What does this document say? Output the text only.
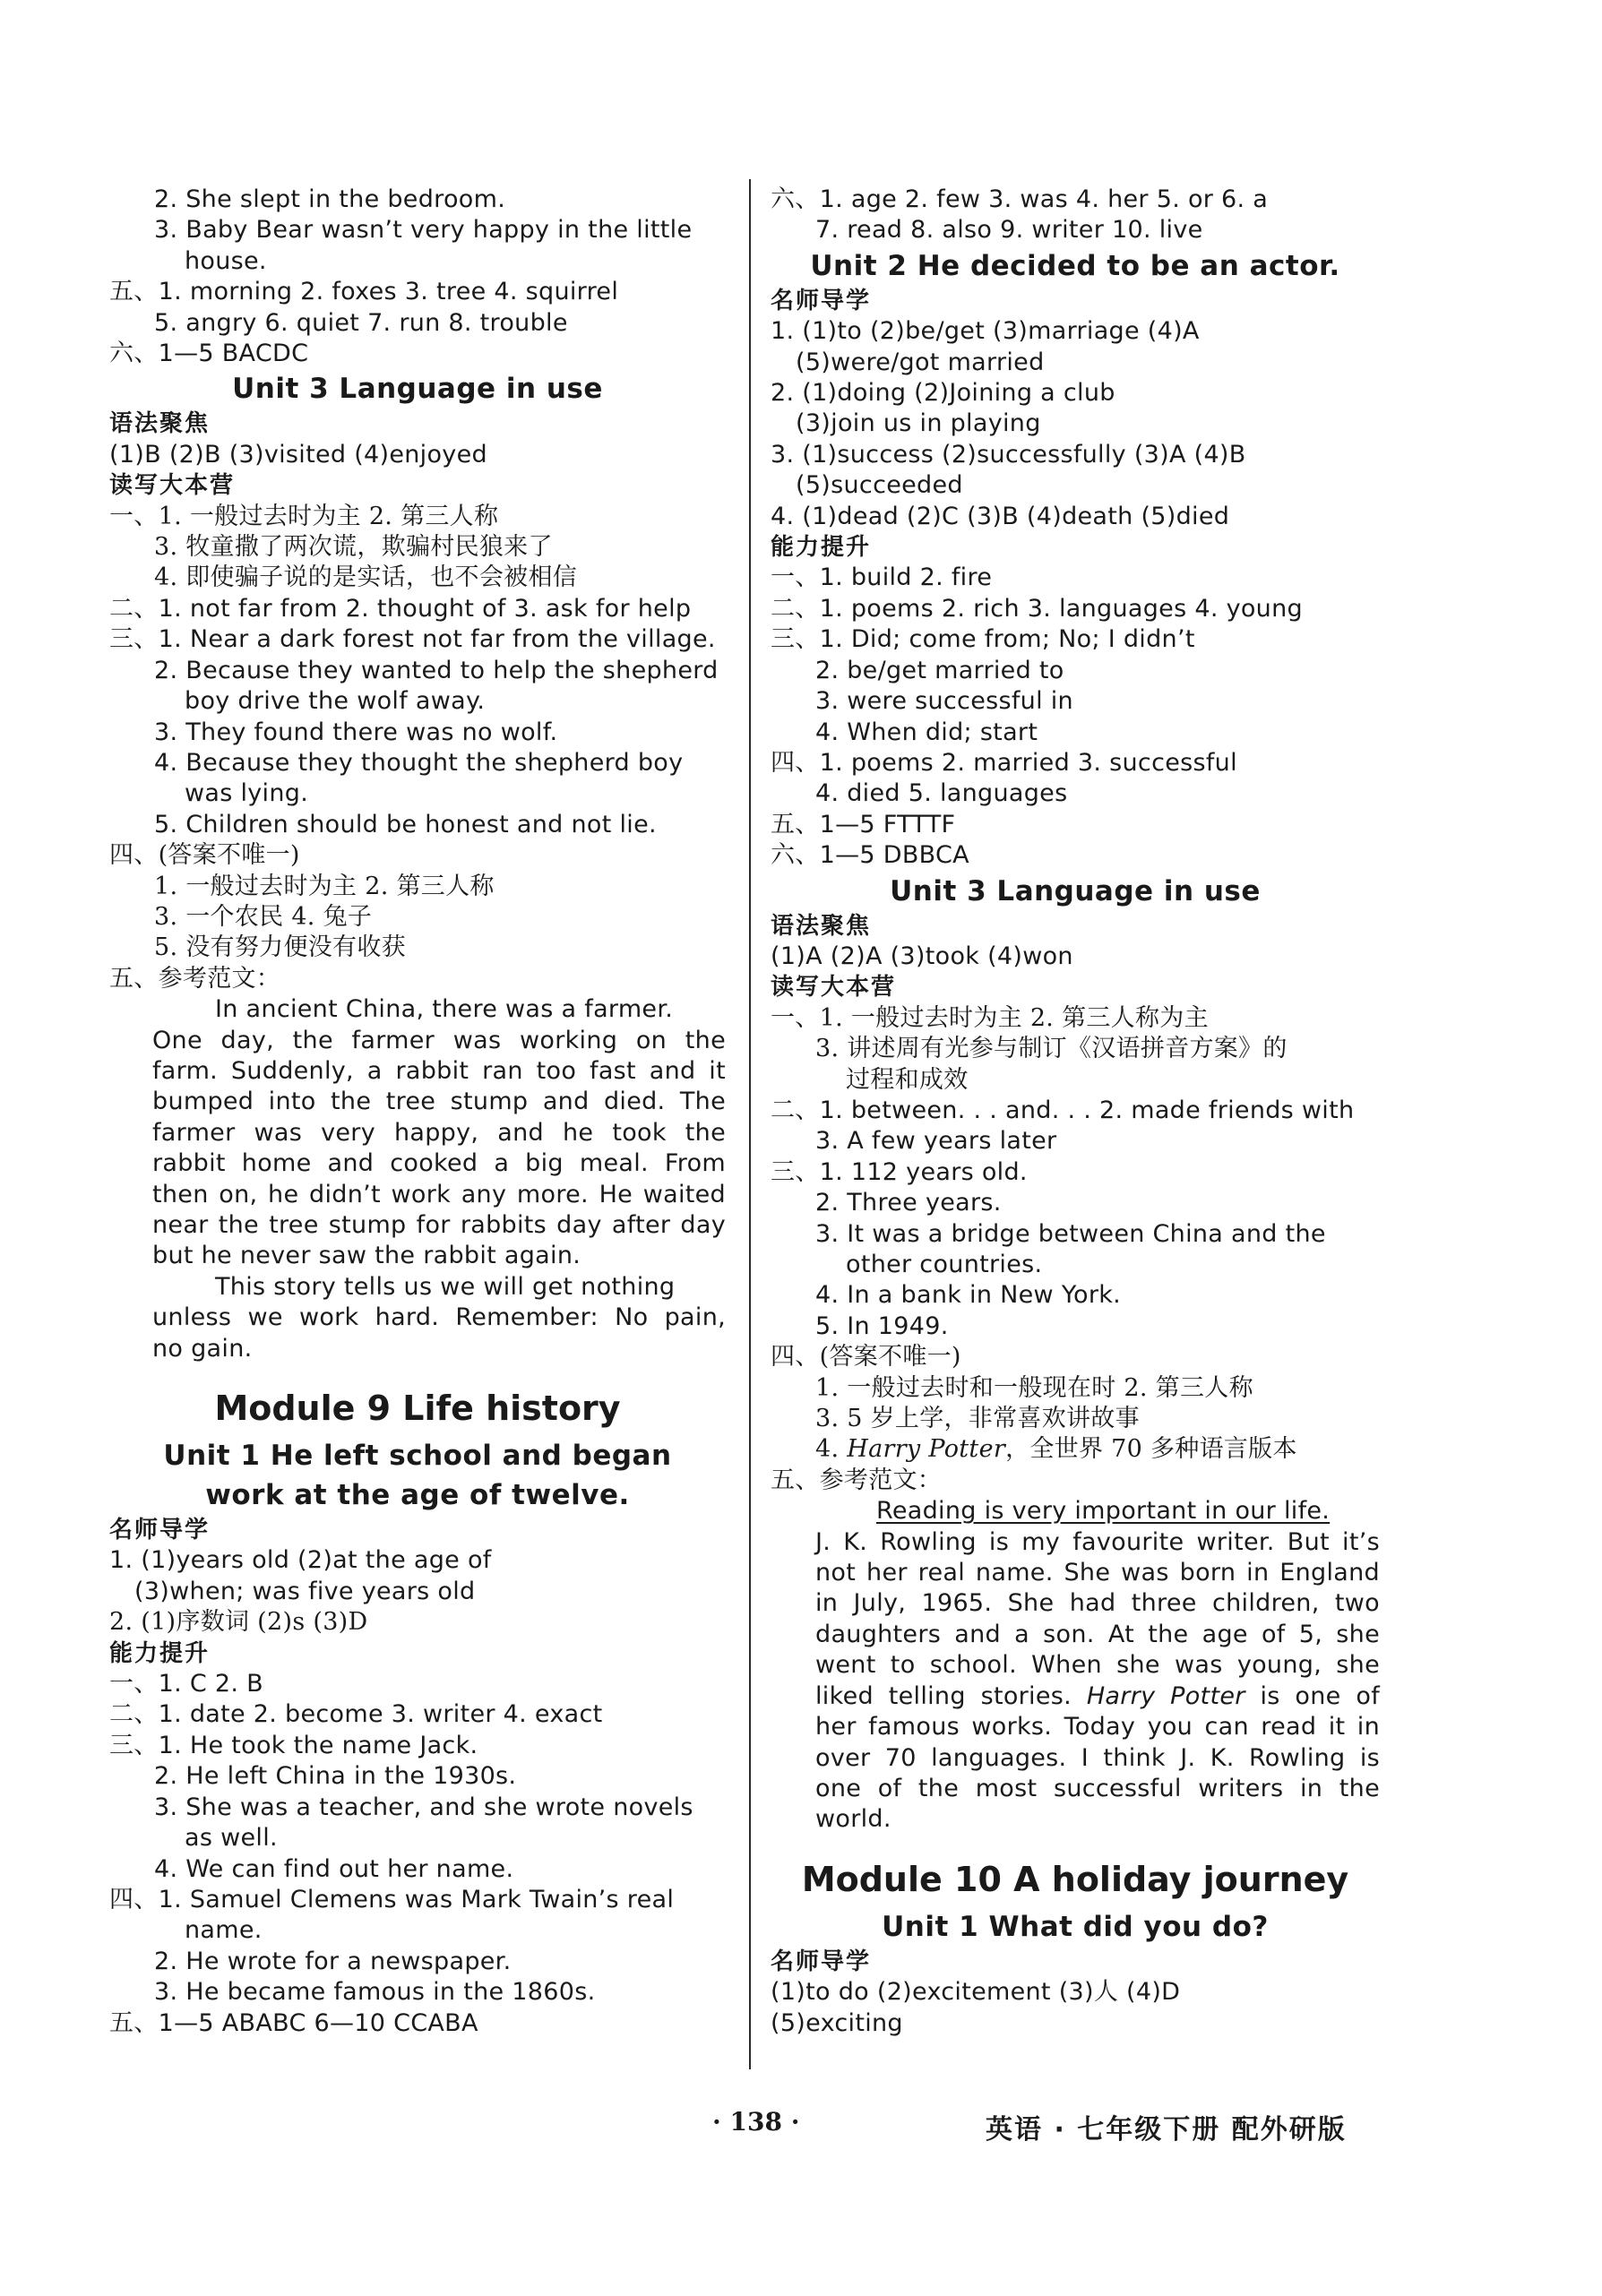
2. She slept in the bedroom.
3. Baby Bear wasn’t very happy in the little
house.
五、1. morning 2. foxes 3. tree 4. squirrel
5. angry 6. quiet 7. run 8. trouble
六、1—5 BACDC
Unit 3 Language in use
语法聚焦
(1)B (2)B (3)visited (4)enjoyed
读写大本营
一、1. 一般过去时为主 2. 第三人称
3. 牧童撒了两次谎，欺骗村民狼来了
4. 即使骗子说的是实话，也不会被相信
二、1. not far from 2. thought of 3. ask for help
三、1. Near a dark forest not far from the village.
2. Because they wanted to help the shepherd
boy drive the wolf away.
3. They found there was no wolf.
4. Because they thought the shepherd boy
was lying.
5. Children should be honest and not lie.
四、(答案不唯一)
1. 一般过去时为主 2. 第三人称
3. 一个农民 4. 兔子
5. 没有努力便没有收获
五、参考范文：
In ancient China, there was a farmer.
One day, the farmer was working on the
farm. Suddenly, a rabbit ran too fast and it
bumped into the tree stump and died. The
farmer was very happy, and he took the
rabbit home and cooked a big meal. From
then on, he didn’t work any more. He waited
near the tree stump for rabbits day after day
but he never saw the rabbit again.
This story tells us we will get nothing
unless we work hard. Remember: No pain,
no gain.
Module 9 Life history
Unit 1 He left school and began
work at the age of twelve.
名师导学
1. (1)years old (2)at the age of
(3)when; was five years old
2. (1)序数词 (2)s (3)D
能力提升
一、1. C 2. B
二、1. date 2. become 3. writer 4. exact
三、1. He took the name Jack.
2. He left China in the 1930s.
3. She was a teacher, and she wrote novels
as well.
4. We can find out her name.
四、1. Samuel Clemens was Mark Twain’s real
name.
2. He wrote for a newspaper.
3. He became famous in the 1860s.
五、1—5 ABABC 6—10 CCABA
六、1. age 2. few 3. was 4. her 5. or 6. a
7. read 8. also 9. writer 10. live
Unit 2 He decided to be an actor.
名师导学
1. (1)to (2)be/get (3)marriage (4)A
(5)were/got married
2. (1)doing (2)Joining a club
(3)join us in playing
3. (1)success (2)successfully (3)A (4)B
(5)succeeded
4. (1)dead (2)C (3)B (4)death (5)died
能力提升
一、1. build 2. fire
二、1. poems 2. rich 3. languages 4. young
三、1. Did; come from; No; I didn’t
2. be/get married to
3. were successful in
4. When did; start
四、1. poems 2. married 3. successful
4. died 5. languages
五、1—5 FTTTF
六、1—5 DBBCA
Unit 3 Language in use
语法聚焦
(1)A (2)A (3)took (4)won
读写大本营
一、1. 一般过去时为主 2. 第三人称为主
3. 讲述周有光参与制订《汉语拼音方案》的
过程和成效
二、1. between. . . and. . . 2. made friends with
3. A few years later
三、1. 112 years old.
2. Three years.
3. It was a bridge between China and the
other countries.
4. In a bank in New York.
5. In 1949.
四、(答案不唯一)
1. 一般过去时和一般现在时 2. 第三人称
3. 5 岁上学，非常喜欢讲故事
4. Harry Potter，全世界 70 多种语言版本
五、参考范文：
Reading is very important in our life.
J. K. Rowling is my favourite writer. But it’s
not her real name. She was born in England
in July, 1965. She had three children, two
daughters and a son. At the age of 5, she
went to school. When she was young, she
liked telling stories. Harry Potter is one of
her famous works. Today you can read it in
over 70 languages. I think J. K. Rowling is
one of the most successful writers in the
world.
Module 10 A holiday journey
Unit 1 What did you do?
名师导学
(1)to do (2)excitement (3)人 (4)D
(5)exciting
· 138 ·	英语 · 七年级下册 配外研版
